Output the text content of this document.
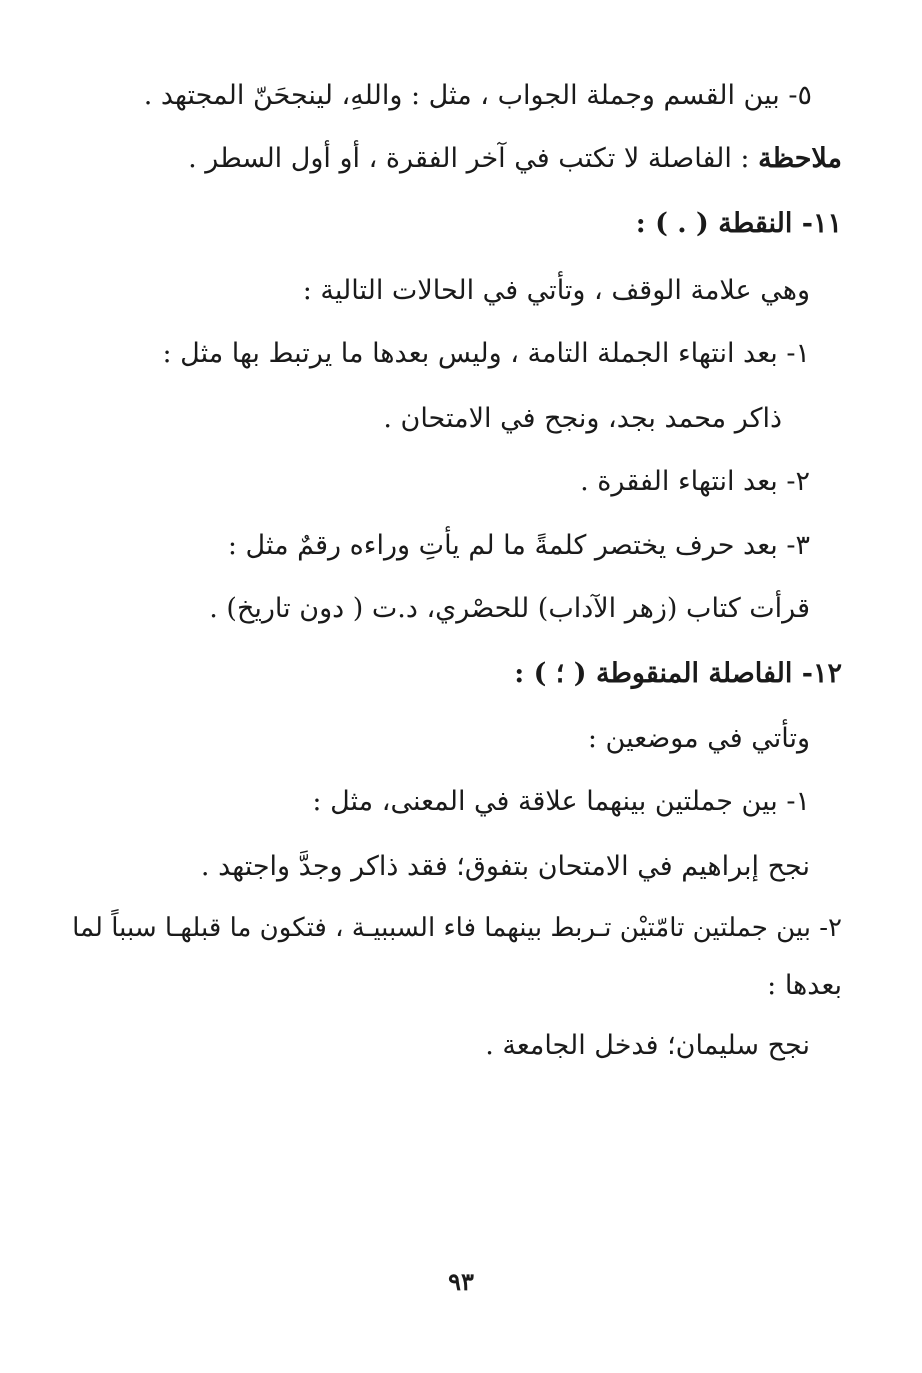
٥- بين القسم وجملة الجواب ، مثل : واللهِ، لينجحَنّ المجتهد .
ملاحظة : الفاصلة لا تكتب في آخر الفقرة ، أو أول السطر .
١١- النقطة ( . ) :
وهي علامة الوقف ، وتأتي في الحالات التالية :
١- بعد انتهاء الجملة التامة ، وليس بعدها ما يرتبط بها مثل :
ذاكر محمد بجد، ونجح في الامتحان .
٢- بعد انتهاء الفقرة .
٣- بعد حرف يختصر كلمةً ما لم يأتِ وراءه رقمٌ مثل :
قرأت كتاب (زهر الآداب) للحصْري، د.ت ( دون تاريخ) .
١٢- الفاصلة المنقوطة ( ؛ ) :
وتأتي في موضعين :
١- بين جملتين بينهما علاقة في المعنى، مثل :
نجح إبراهيم في الامتحان بتفوق؛ فقد ذاكر وجدَّ واجتهد .
٢- بين جملتين تامّتيْن تـربط بينهما فاء السببيـة ، فتكون ما قبلهـا سبباً لما
بعدها :
نجح سليمان؛ فدخل الجامعة .
٩٣
